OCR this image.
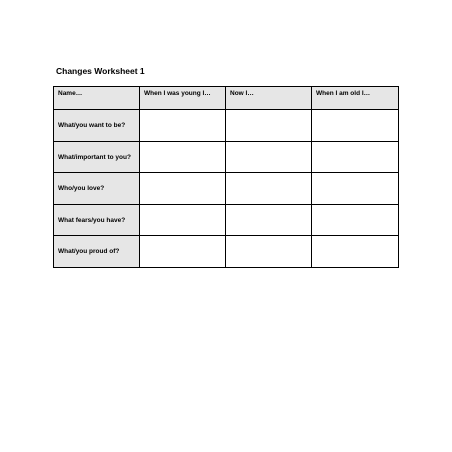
Changes Worksheet 1
Name…	When I was young I…	Now I…	When I am old I…
What/you want to be?			
What/important to you?			
Who/you love?			
What fears/you have?			
What/you proud of?			
